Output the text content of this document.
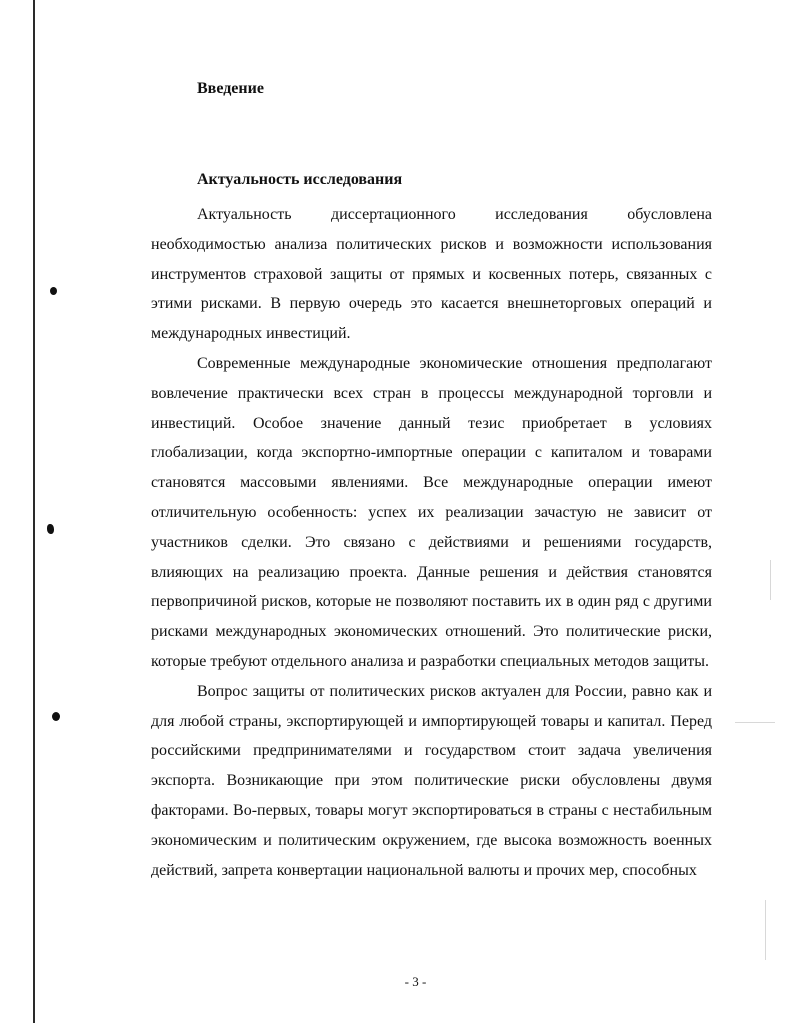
Введение
Актуальность исследования

Актуальность диссертационного исследования обусловлена необходимостью анализа политических рисков и возможности использования инструментов страховой защиты от прямых и косвенных потерь, связанных с этими рисками. В первую очередь это касается внешнеторговых операций и международных инвестиций.

Современные международные экономические отношения предполагают вовлечение практически всех стран в процессы международной торговли и инвестиций. Особое значение данный тезис приобретает в условиях глобализации, когда экспортно-импортные операции с капиталом и товарами становятся массовыми явлениями. Все международные операции имеют отличительную особенность: успех их реализации зачастую не зависит от участников сделки. Это связано с действиями и решениями государств, влияющих на реализацию проекта. Данные решения и действия становятся первопричиной рисков, которые не позволяют поставить их в один ряд с другими рисками международных экономических отношений. Это политические риски, которые требуют отдельного анализа и разработки специальных методов защиты.

Вопрос защиты от политических рисков актуален для России, равно как и для любой страны, экспортирующей и импортирующей товары и капитал. Перед российскими предпринимателями и государством стоит задача увеличения экспорта. Возникающие при этом политические риски обусловлены двумя факторами. Во-первых, товары могут экспортироваться в страны с нестабильным экономическим и политическим окружением, где высока возможность военных действий, запрета конвертации национальной валюты и прочих мер, способных

- 3 -
